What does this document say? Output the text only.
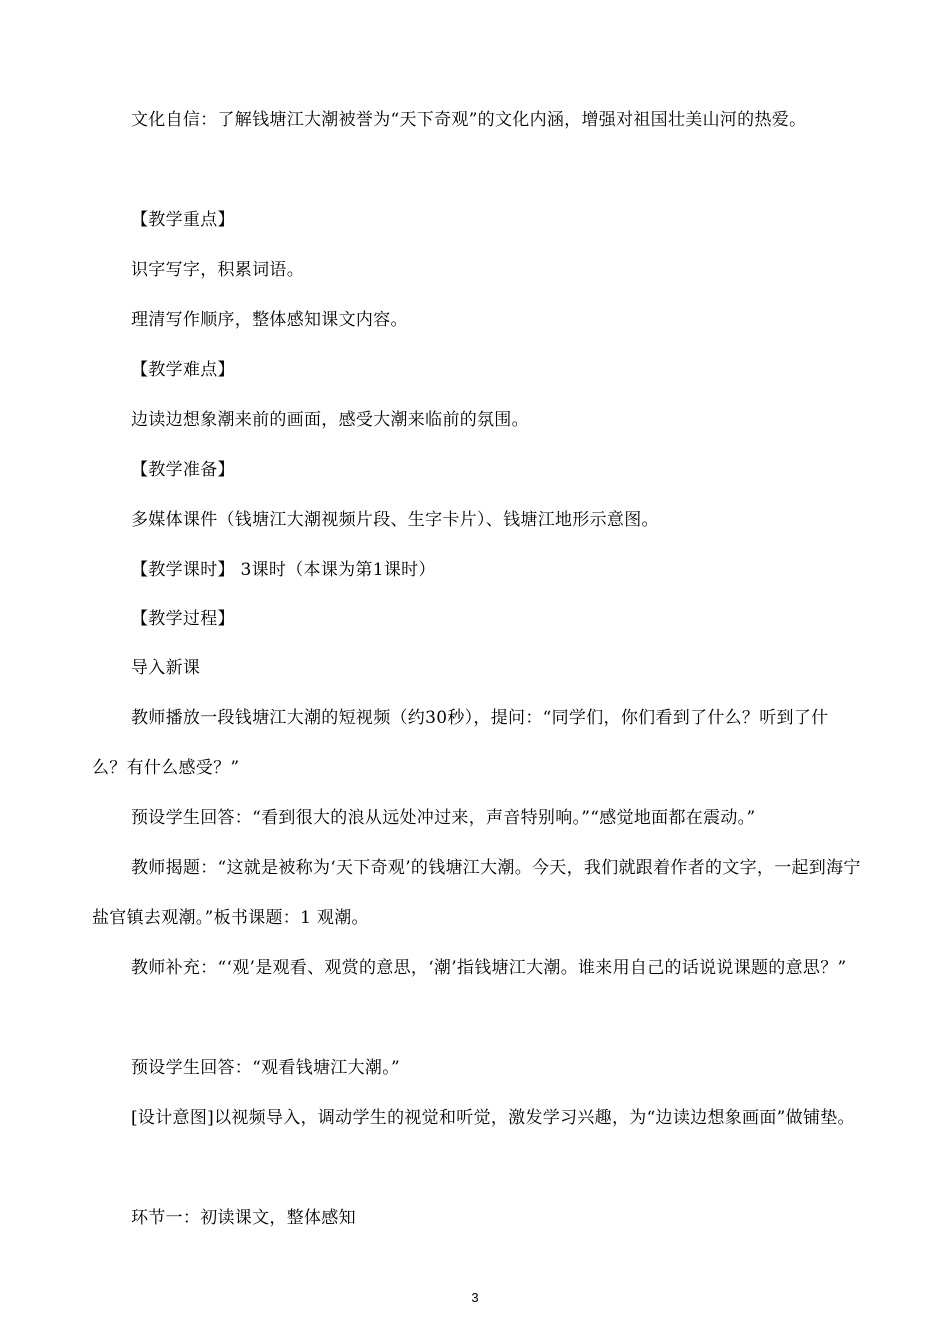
文化自信：了解钱塘江大潮被誉为“天下奇观”的文化内涵，增强对祖国壮美山河的热爱。

【教学重点】

识字写字，积累词语。

理清写作顺序，整体感知课文内容。

【教学难点】

边读边想象潮来前的画面，感受大潮来临前的氛围。

【教学准备】

多媒体课件（钱塘江大潮视频片段、生字卡片）、钱塘江地形示意图。

【教学课时】 3课时（本课为第1课时）

【教学过程】

导入新课

教师播放一段钱塘江大潮的短视频（约30秒），提问：“同学们，你们看到了什么？听到了什么？有什么感受？”

预设学生回答：“看到很大的浪从远处冲过来，声音特别响。”“感觉地面都在震动。”

教师揭题：“这就是被称为‘天下奇观’的钱塘江大潮。今天，我们就跟着作者的文字，一起到海宁盐官镇去观潮。”板书课题：1 观潮。

教师补充：“‘观’是观看、观赏的意思，‘潮’指钱塘江大潮。谁来用自己的话说说课题的意思？”

预设学生回答：“观看钱塘江大潮。”

[设计意图]以视频导入，调动学生的视觉和听觉，激发学习兴趣，为“边读边想象画面”做铺垫。

环节一：初读课文，整体感知

3
